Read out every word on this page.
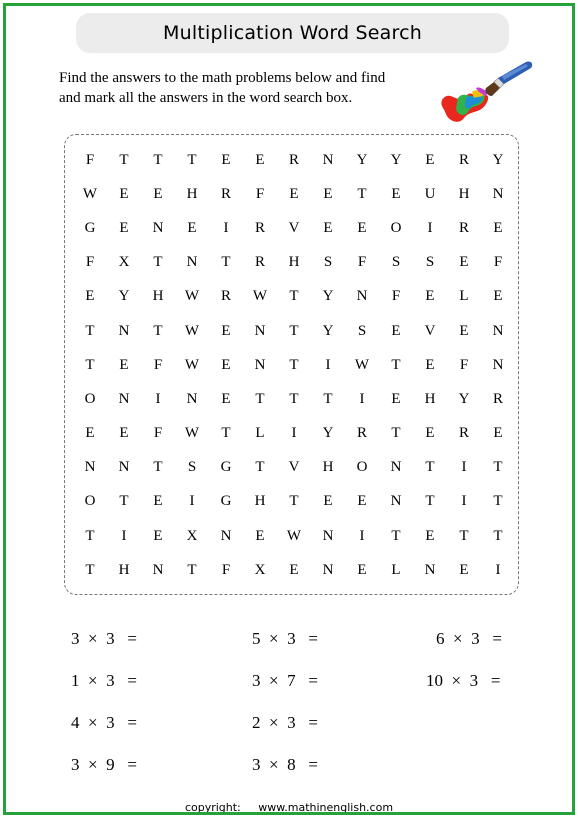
Multiplication Word Search
Find the answers to the math problems below and find
and mark all the answers in the word search box.
F	T	T	T	E	E	R	N	Y	Y	E	R	Y
W	E	E	H	R	F	E	E	T	E	U	H	N
G	E	N	E	I	R	V	E	E	O	I	R	E
F	X	T	N	T	R	H	S	F	S	S	E	F
E	Y	H	W	R	W	T	Y	N	F	E	L	E
T	N	T	W	E	N	T	Y	S	E	V	E	N
T	E	F	W	E	N	T	I	W	T	E	F	N
O	N	I	N	E	T	T	T	I	E	H	Y	R
E	E	F	W	T	L	I	Y	R	T	E	R	E
N	N	T	S	G	T	V	H	O	N	T	I	T
O	T	E	I	G	H	T	E	E	N	T	I	T
T	I	E	X	N	E	W	N	I	T	E	T	T
T	H	N	T	F	X	E	N	E	L	N	E	I
3  ×  3   =	5  ×  3   =	6  ×  3   =
1  ×  3   =	3  ×  7   =	10  ×  3   =
4  ×  3   =	2  ×  3   =
3  ×  9   =	3  ×  8   =
copyright: www.mathinenglish.com
